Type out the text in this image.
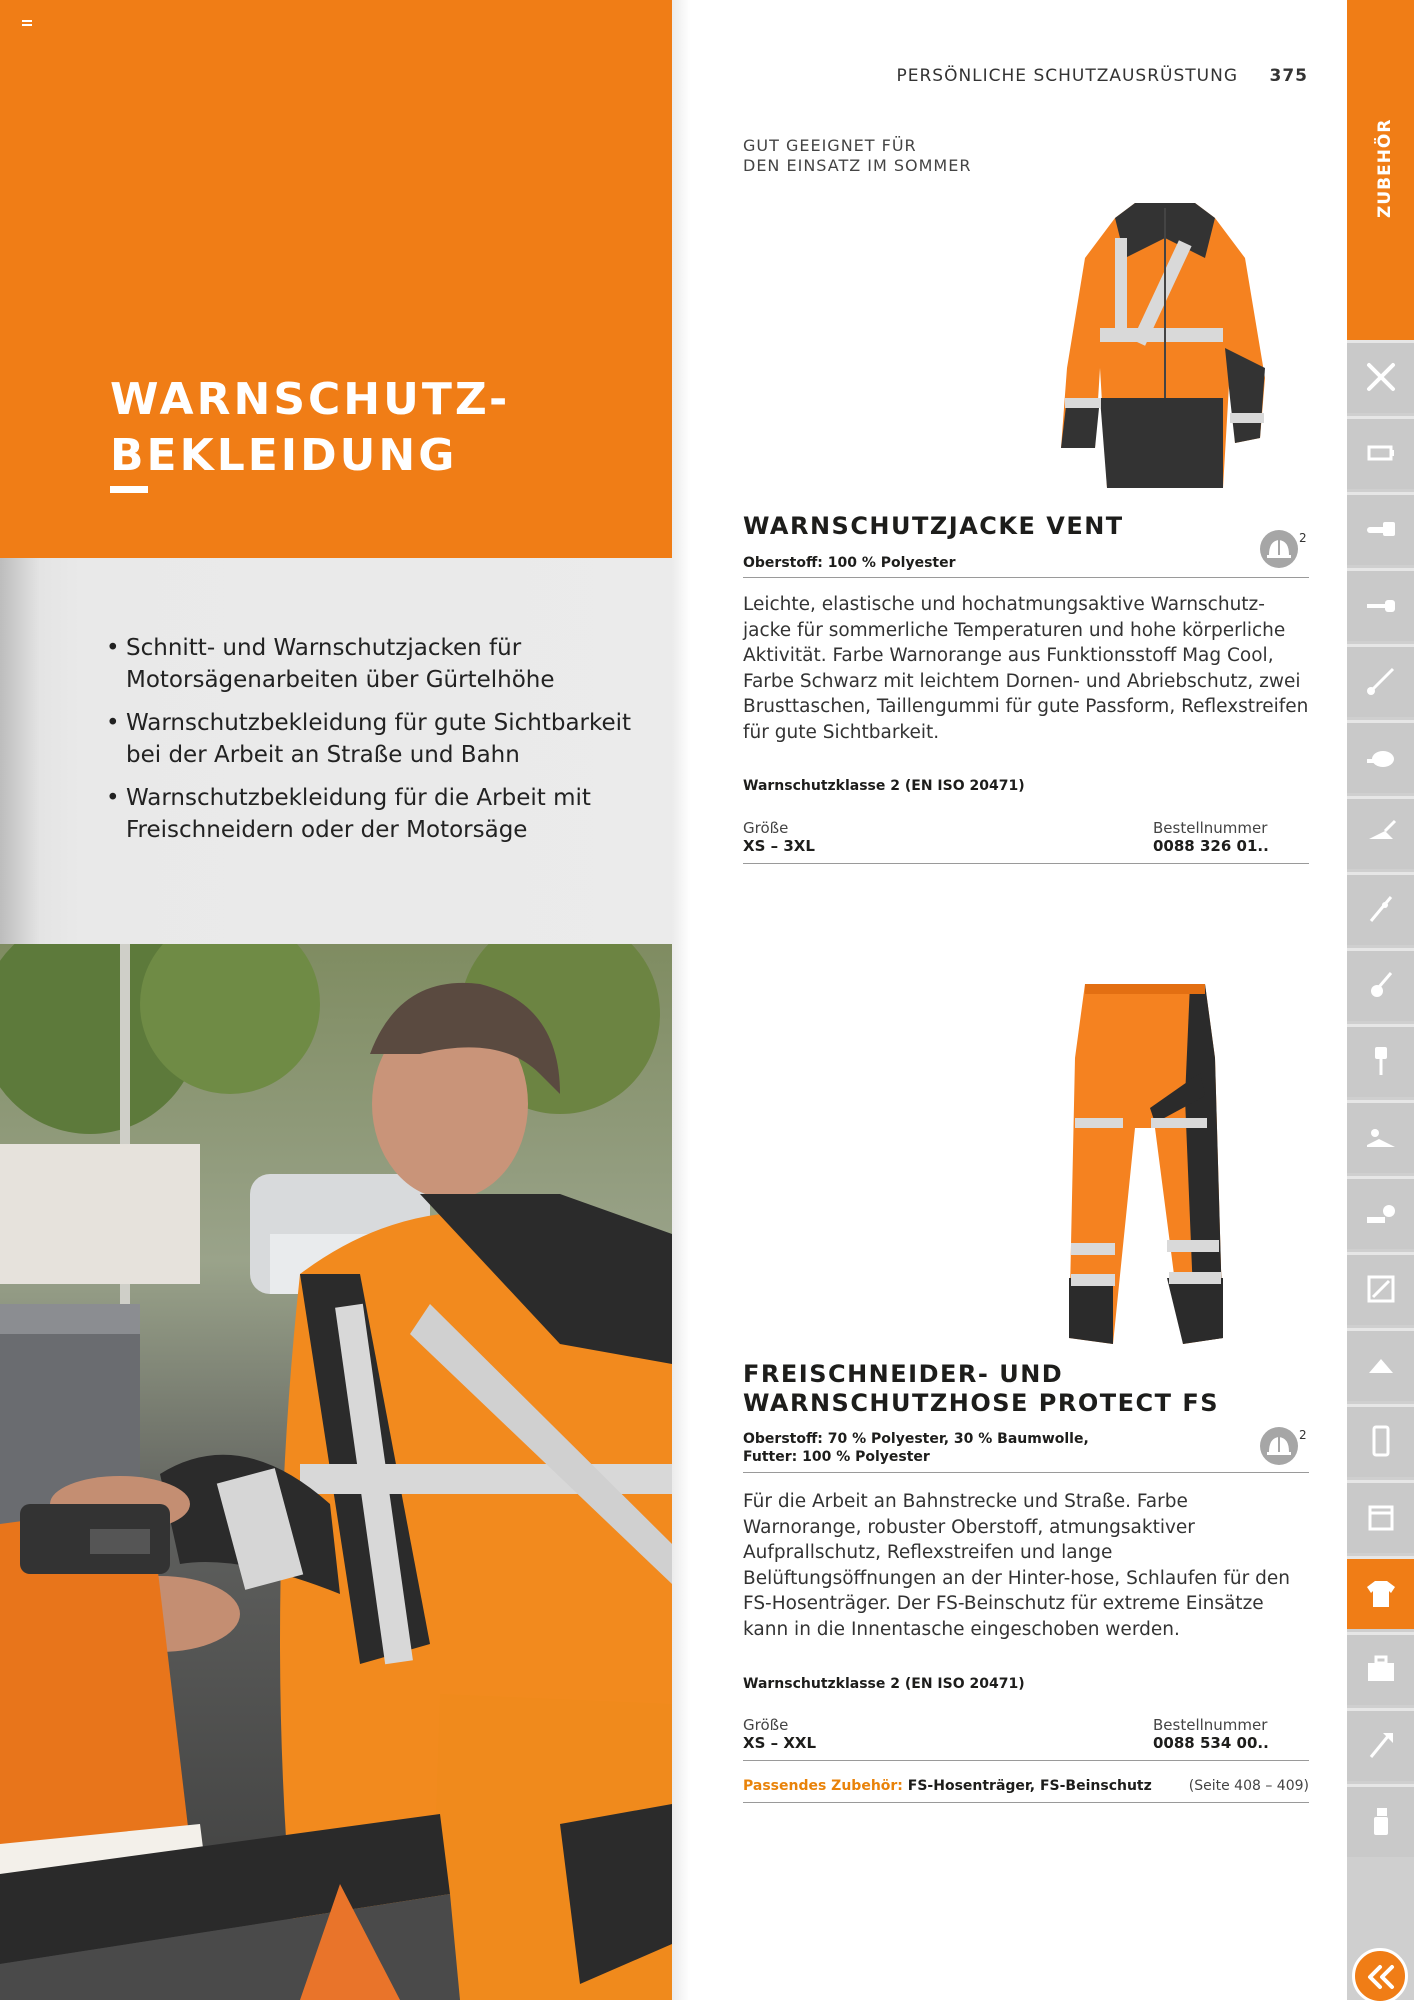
WARNSCHUTZ-
BEKLEIDUNG
• Schnitt- und Warnschutzjacken für Motorsägenarbeiten über Gürtelhöhe
• Warnschutzbekleidung für gute Sichtbarkeit bei der Arbeit an Straße und Bahn
• Warnschutzbekleidung für die Arbeit mit Freischneidern oder der Motorsäge
PERSÖNLICHE SCHUTZAUSRÜSTUNG 375
GUT GEEIGNET FÜR
DEN EINSATZ IM SOMMER
WARNSCHUTZJACKE VENT
Oberstoff: 100 % Polyester
2

Leichte, elastische und hochatmungsaktive Warnschutz-jacke für sommerliche Temperaturen und hohe körperliche Aktivität. Farbe Warnorange aus Funktionsstoff Mag Cool, Farbe Schwarz mit leichtem Dornen- und Abriebschutz, zwei Brusttaschen, Taillengummi für gute Passform, Reflexstreifen für gute Sichtbarkeit.

Warnschutzklasse 2 (EN ISO 20471)
Größe
XS – 3XL
Bestellnummer
0088 326 01..
FREISCHNEIDER- UND
WARNSCHUTZHOSE PROTECT FS
Oberstoff: 70 % Polyester, 30 % Baumwolle,
Futter: 100 % Polyester
2

Für die Arbeit an Bahnstrecke und Straße. Farbe Warnorange, robuster Oberstoff, atmungsaktiver Aufprallschutz, Reflexstreifen und lange Belüftungsöffnungen an der Hinter-hose, Schlaufen für den FS-Hosenträger. Der FS-Beinschutz für extreme Einsätze kann in die Innentasche eingeschoben werden.

Warnschutzklasse 2 (EN ISO 20471)
Größe
XS – XXL
Bestellnummer
0088 534 00..
Passendes Zubehör: FS-Hosenträger, FS-Beinschutz	(Seite 408 – 409)
ZUBEHÖR
